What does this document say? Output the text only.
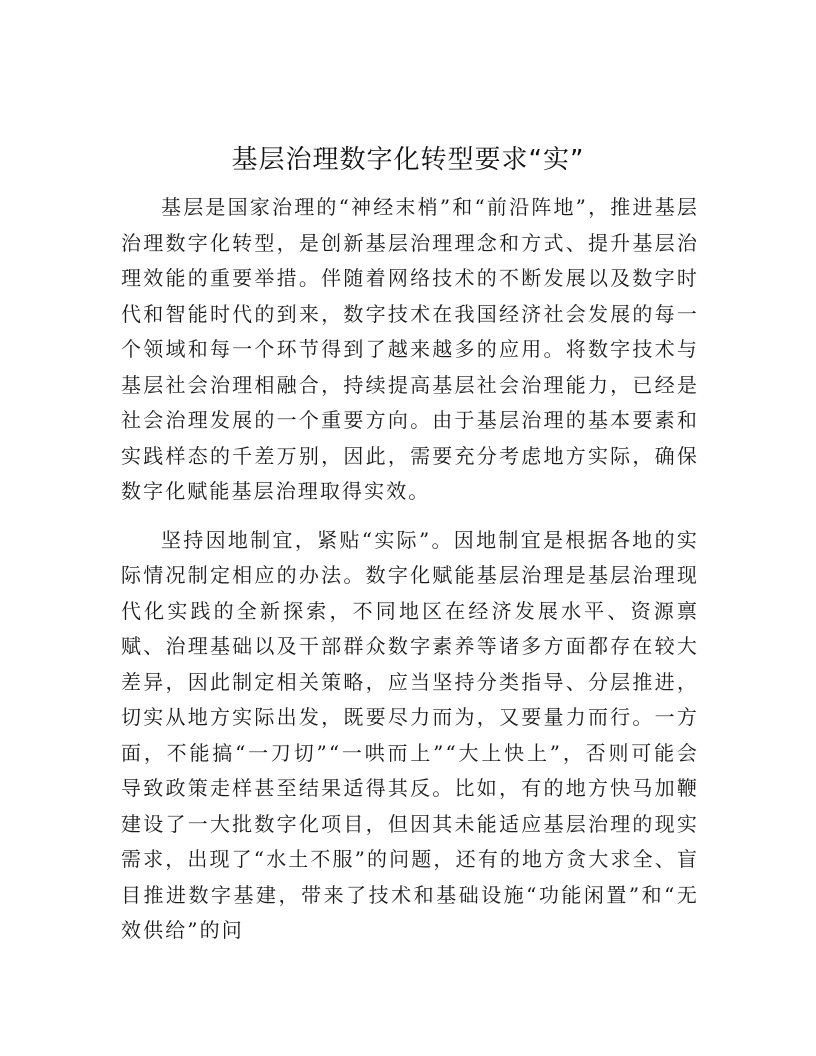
基层治理数字化转型要求“实”

基层是国家治理的“神经末梢”和“前沿阵地”，推进基层治理数字化转型，是创新基层治理理念和方式、提升基层治理效能的重要举措。伴随着网络技术的不断发展以及数字时代和智能时代的到来，数字技术在我国经济社会发展的每一个领域和每一个环节得到了越来越多的应用。将数字技术与基层社会治理相融合，持续提高基层社会治理能力，已经是社会治理发展的一个重要方向。由于基层治理的基本要素和实践样态的千差万别，因此，需要充分考虑地方实际，确保数字化赋能基层治理取得实效。

坚持因地制宜，紧贴“实际”。因地制宜是根据各地的实际情况制定相应的办法。数字化赋能基层治理是基层治理现代化实践的全新探索，不同地区在经济发展水平、资源禀赋、治理基础以及干部群众数字素养等诸多方面都存在较大差异，因此制定相关策略，应当坚持分类指导、分层推进，切实从地方实际出发，既要尽力而为，又要量力而行。一方面，不能搞“一刀切”“一哄而上”“大上快上”，否则可能会导致政策走样甚至结果适得其反。比如，有的地方快马加鞭建设了一大批数字化项目，但因其未能适应基层治理的现实需求，出现了“水土不服”的问题，还有的地方贪大求全、盲目推进数字基建，带来了技术和基础设施“功能闲置”和“无效供给”的问
